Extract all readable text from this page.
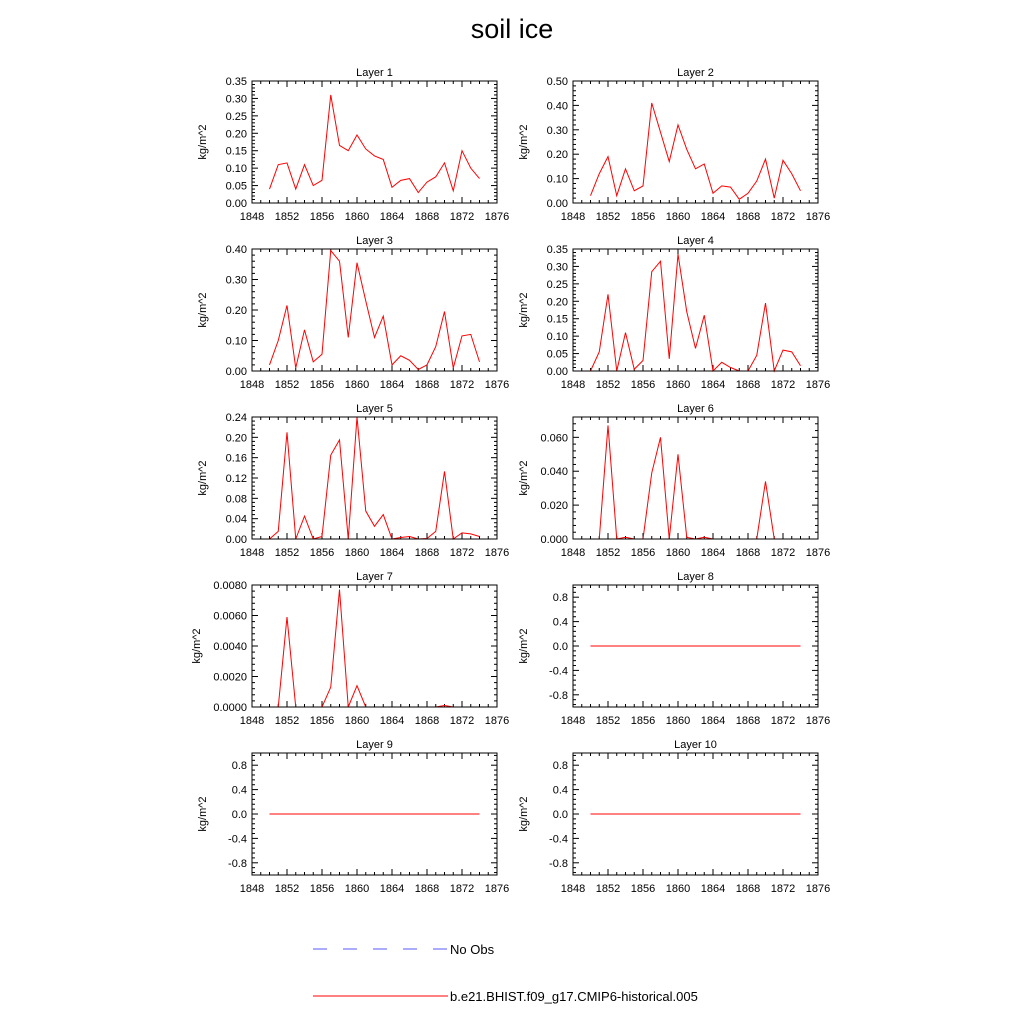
soil ice
Layer 1
1848 1852 1856 1860 1864 1868 1872 1876
0.00
0.05
0.10
0.15
0.20
0.25
0.30
0.35
kg/m^2
Layer 2
1848 1852 1856 1860 1864 1868 1872 1876
0.00
0.10
0.20
0.30
0.40
0.50
kg/m^2
Layer 3
1848 1852 1856 1860 1864 1868 1872 1876
0.00
0.10
0.20
0.30
0.40
kg/m^2
Layer 4
1848 1852 1856 1860 1864 1868 1872 1876
0.00
0.05
0.10
0.15
0.20
0.25
0.30
0.35
kg/m^2
Layer 5
1848 1852 1856 1860 1864 1868 1872 1876
0.00
0.04
0.08
0.12
0.16
0.20
0.24
kg/m^2
Layer 6
1848 1852 1856 1860 1864 1868 1872 1876
0.000
0.020
0.040
0.060
kg/m^2
Layer 7
1848 1852 1856 1860 1864 1868 1872 1876
0.0000
0.0020
0.0040
0.0060
0.0080
kg/m^2
Layer 8
1848 1852 1856 1860 1864 1868 1872 1876
-0.8
-0.4
0.0
0.4
0.8
kg/m^2
Layer 9
1848 1852 1856 1860 1864 1868 1872 1876
-0.8
-0.4
0.0
0.4
0.8
kg/m^2
Layer 10
1848 1852 1856 1860 1864 1868 1872 1876
-0.8
-0.4
0.0
0.4
0.8
kg/m^2
No Obs
b.e21.BHIST.f09_g17.CMIP6-historical.005
